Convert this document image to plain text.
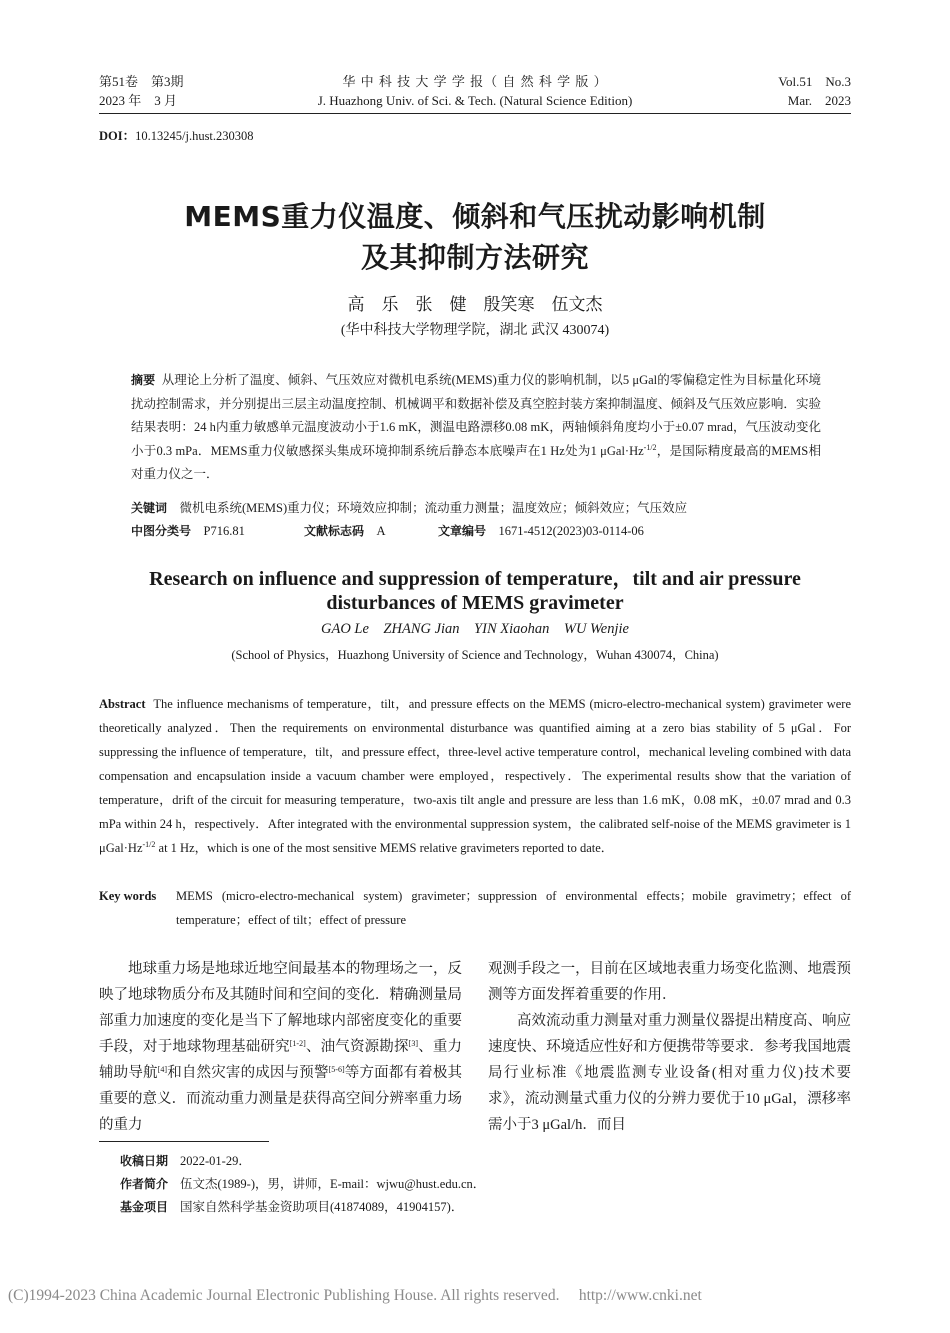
第51卷　第3期
2023 年　3 月
华 中 科 技 大 学 学 报（ 自 然 科 学 版 ）
J. Huazhong Univ. of Sci. & Tech. (Natural Science Edition)
Vol.51　No.3
Mar.　2023
DOI：10.13245/j.hust.230308
MEMS重力仪温度、倾斜和气压扰动影响机制
及其抑制方法研究
高　乐　张　健　殷笑寒　伍文杰
(华中科技大学物理学院，湖北 武汉 430074)
摘要 从理论上分析了温度、倾斜、气压效应对微机电系统(MEMS)重力仪的影响机制，以5 μGal的零偏稳定性为目标量化环境扰动控制需求，并分别提出三层主动温度控制、机械调平和数据补偿及真空腔封装方案抑制温度、倾斜及气压效应影响．实验结果表明：24 h内重力敏感单元温度波动小于1.6 mK，测温电路漂移0.08 mK，两轴倾斜角度均小于±0.07 mrad，气压波动变化小于0.3 mPa．MEMS重力仪敏感探头集成环境抑制系统后静态本底噪声在1 Hz处为1 $\mu Gal\cdot Hz^{-1/2}$，是国际精度最高的MEMS相对重力仪之一．
关键词 微机电系统(MEMS)重力仪；环境效应抑制；流动重力测量；温度效应；倾斜效应；气压效应
中图分类号 P716.81	文献标志码 A	文章编号 1671-4512(2023)03-0114-06
Research on influence and suppression of temperature，tilt and air pressure
disturbances of MEMS gravimeter
GAO Le　ZHANG Jian　YIN Xiaohan　WU Wenjie
(School of Physics，Huazhong University of Science and Technology，Wuhan 430074，China)
Abstract The influence mechanisms of temperature，tilt，and pressure effects on the MEMS (micro-electro-mechanical system) gravimeter were theoretically analyzed．Then the requirements on environmental disturbance was quantified aiming at a zero bias stability of 5 μGal．For suppressing the influence of temperature，tilt，and pressure effect，three-level active temperature control，mechanical leveling combined with data compensation and encapsulation inside a vacuum chamber were employed，respectively．The experimental results show that the variation of temperature，drift of the circuit for measuring temperature，two-axis tilt angle and pressure are less than 1.6 mK，0.08 mK，±0.07 mrad and 0.3 mPa within 24 h，respectively．After integrated with the environmental suppression system，the calibrated self-noise of the MEMS gravimeter is 1 $\mu Gal\cdot Hz^{-1/2}$ at 1 Hz，which is one of the most sensitive MEMS relative gravimeters reported to date．
Key words MEMS (micro-electro-mechanical system) gravimeter；suppression of environmental effects；mobile gravimetry；effect of temperature；effect of tilt；effect of pressure
地球重力场是地球近地空间最基本的物理场之一，反映了地球物质分布及其随时间和空间的变化．精确测量局部重力加速度的变化是当下了解地球内部密度变化的重要手段，对于地球物理基础研究[1-2]、油气资源勘探[3]、重力辅助导航[4]和自然灾害的成因与预警[5-6]等方面都有着极其重要的意义．而流动重力测量是获得高空间分辨率重力场的重力
观测手段之一，目前在区域地表重力场变化监测、地震预测等方面发挥着重要的作用．
高效流动重力测量对重力测量仪器提出精度高、响应速度快、环境适应性好和方便携带等要求．参考我国地震局行业标准《地震监测专业设备(相对重力仪)技术要求》，流动测量式重力仪的分辨力要优于10 μGal，漂移率需小于3 μGal/h．而目
收稿日期 2022-01-29．
作者简介 伍文杰(1989-)，男，讲师，E-mail：wjwu@hust.edu.cn．
基金项目 国家自然科学基金资助项目(41874089，41904157)．
(C)1994-2023 China Academic Journal Electronic Publishing House. All rights reserved.　 http://www.cnki.net
